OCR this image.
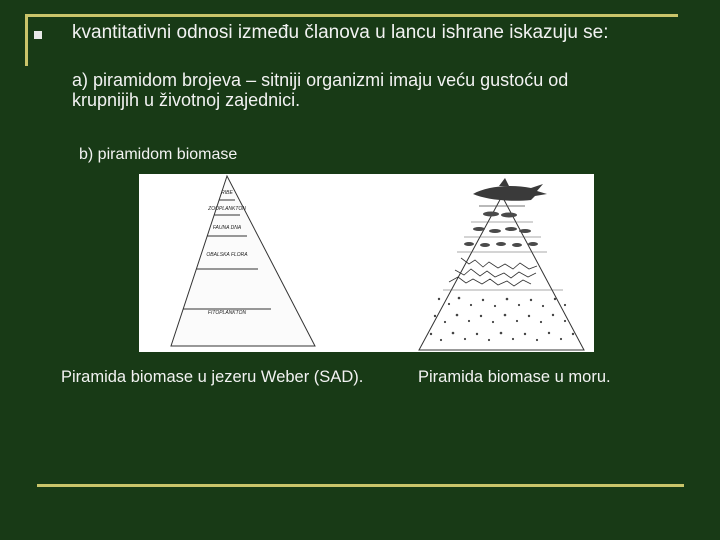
kvantitativni odnosi između članova u lancu ishrane iskazuju se:
a) piramidom brojeva – sitniji organizmi imaju veću gustoću od
krupnijih u životnoj zajednici.
b) piramidom biomase
RIBE
ZOOPLANKTON
FAUNA DNA
OBALSKA FLORA
FITOPLANKTON
Piramida biomase u jezeru Weber (SAD).	Piramida biomase u moru.
